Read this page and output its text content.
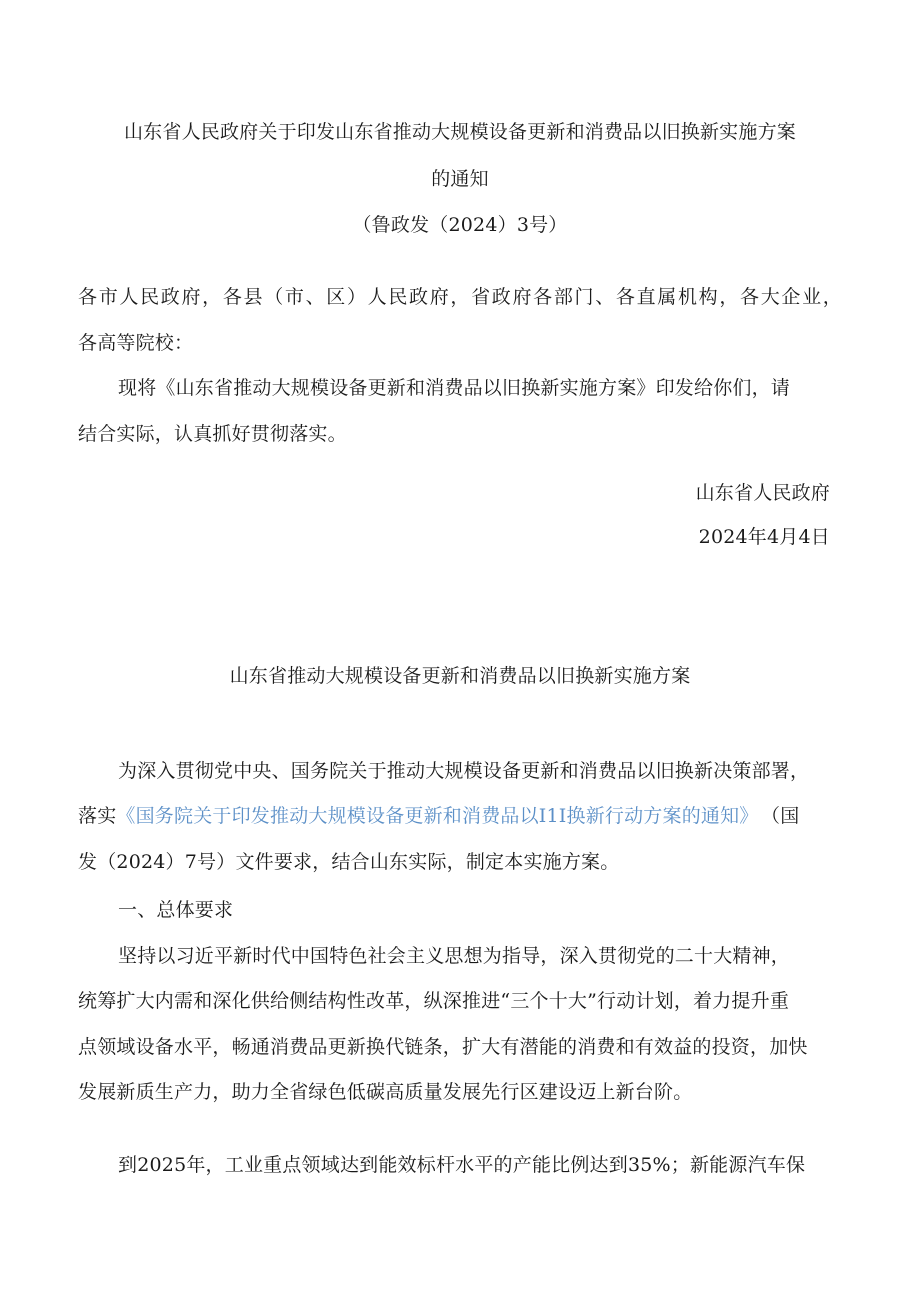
山东省人民政府关于印发山东省推动大规模设备更新和消费品以旧换新实施方案
的通知
（鲁政发（2024）3号）
各市人民政府，各县（市、区）人民政府，省政府各部门、各直属机构，各大企业，
各高等院校：
现将《山东省推动大规模设备更新和消费品以旧换新实施方案》印发给你们，请
结合实际，认真抓好贯彻落实。
山东省人民政府
2024年4月4日
山东省推动大规模设备更新和消费品以旧换新实施方案
为深入贯彻党中央、国务院关于推动大规模设备更新和消费品以旧换新决策部署，
落实《国务院关于印发推动大规模设备更新和消费品以I1I换新行动方案的通知》 （国
发（2024）7号）文件要求，结合山东实际，制定本实施方案。
一、总体要求
坚持以习近平新时代中国特色社会主义思想为指导，深入贯彻党的二十大精神，
统筹扩大内需和深化供给侧结构性改革，纵深推进“三个十大”行动计划，着力提升重
点领域设备水平，畅通消费品更新换代链条，扩大有潜能的消费和有效益的投资，加快
发展新质生产力，助力全省绿色低碳高质量发展先行区建设迈上新台阶。
到2025年，工业重点领域达到能效标杆水平的产能比例达到35%；新能源汽车保
